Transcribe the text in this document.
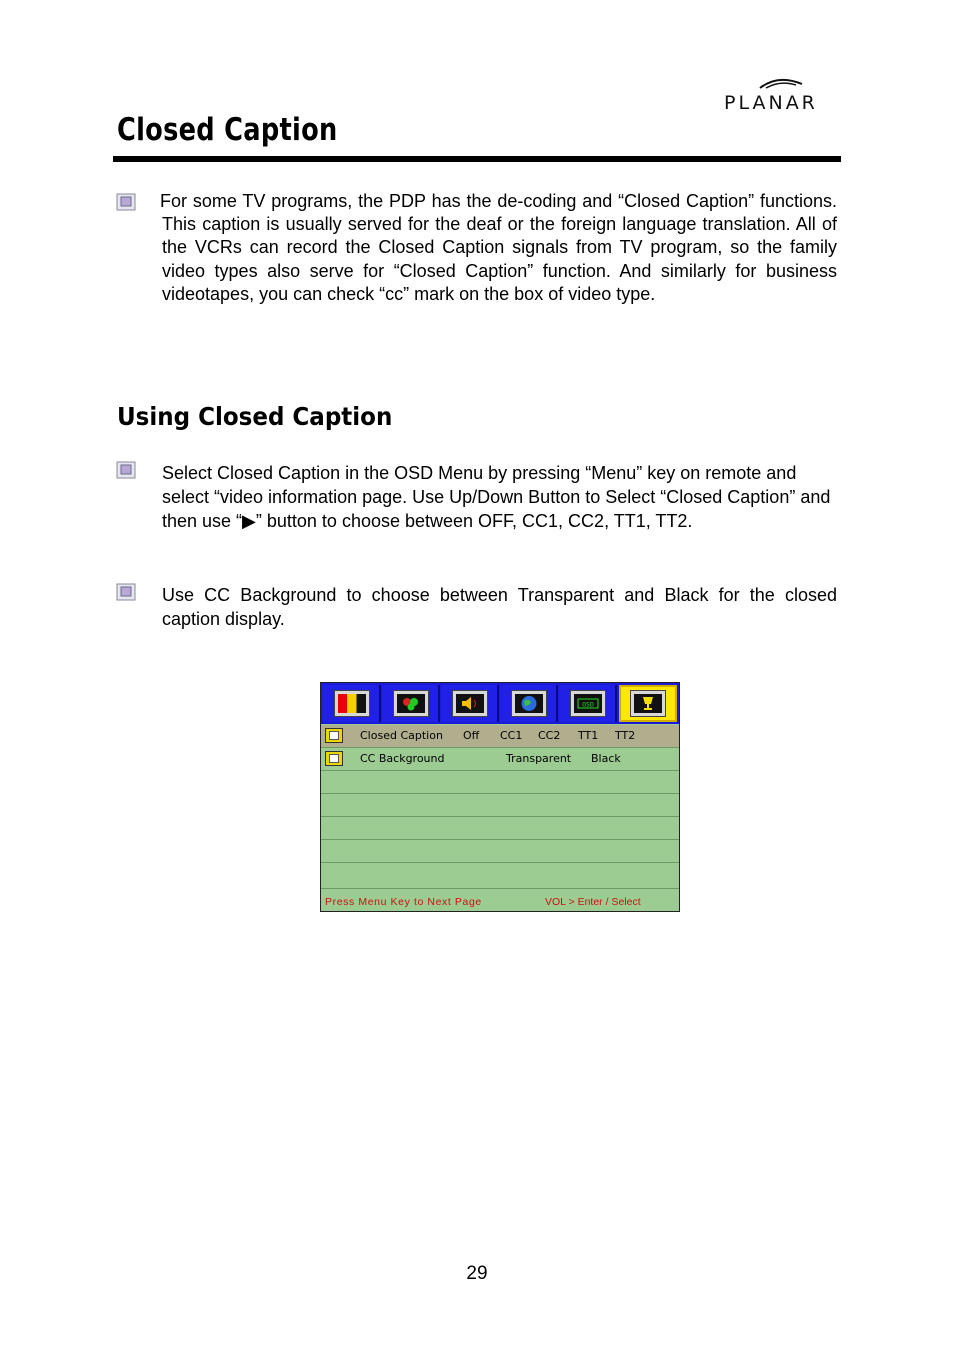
PLANAR
Closed Caption

For some TV programs, the PDP has the de-coding and “Closed Caption” functions. This caption is usually served for the deaf or the foreign language translation. All of the VCRs can record the Closed Caption signals from TV program, so the family video types also serve for “Closed Caption” function. And similarly for business videotapes, you can check “cc” mark on the box of video type.

Using Closed Caption

Select Closed Caption in the OSD Menu by pressing “Menu” key on remote and select “video information page. Use Up/Down Button to Select “Closed Caption” and then use “▶” button to choose between OFF, CC1, CC2, TT1, TT2.

Use CC Background to choose between Transparent and Black for the closed caption display.

OSD
Closed Caption Off CC1 CC2 TT1 TT2
CC Background	Transparent Black
Press Menu Key to Next Page	VOL > Enter / Select
29
